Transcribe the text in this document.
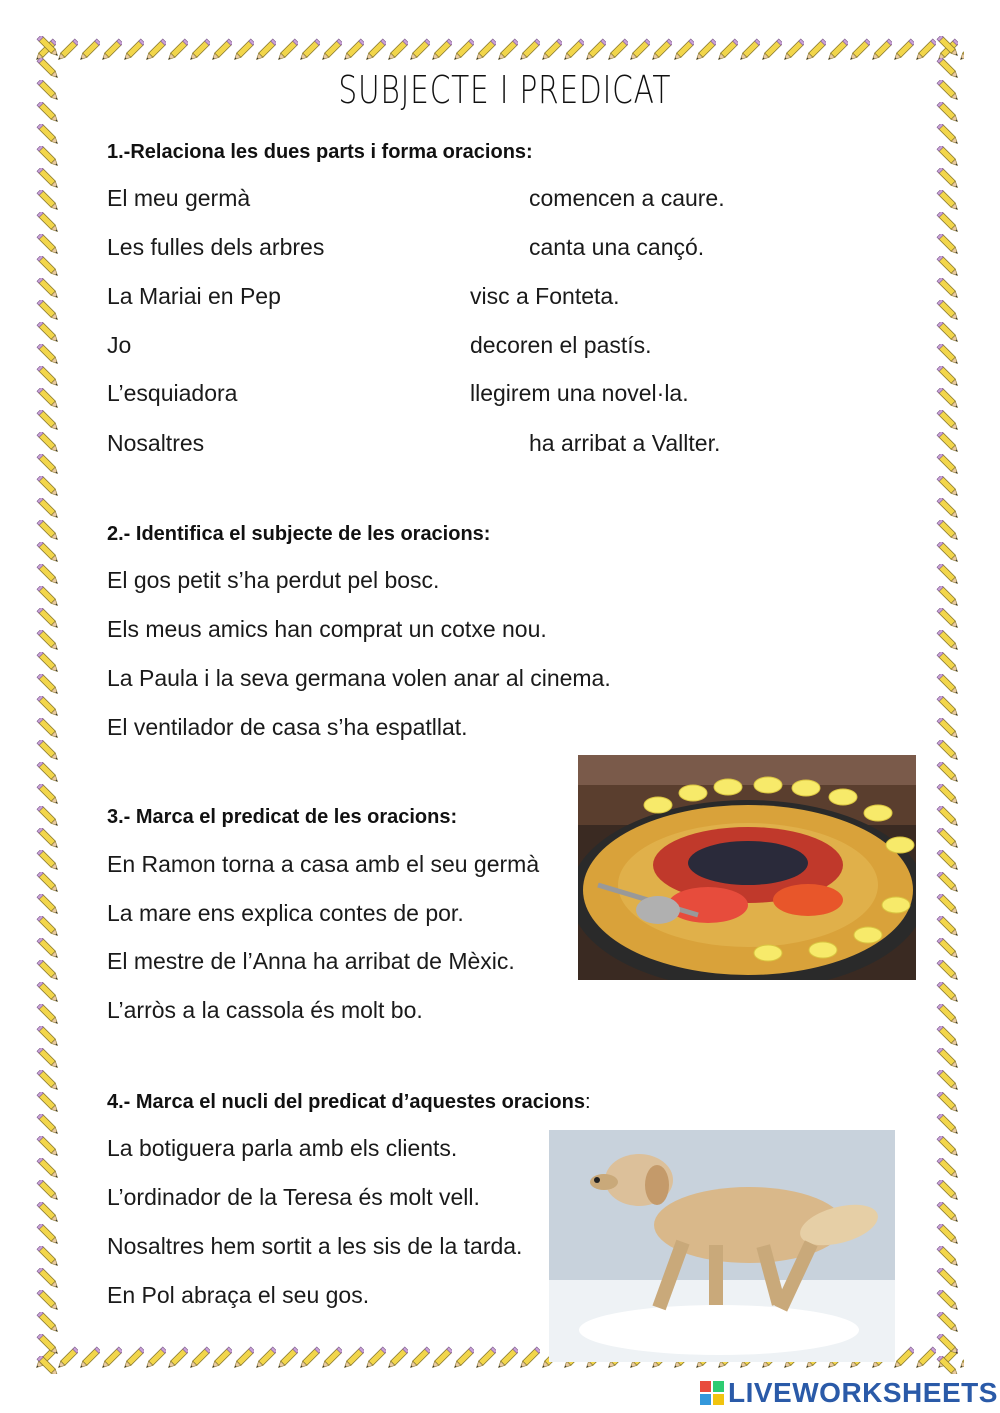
SUBJECTE I PREDICAT
1.-Relaciona les dues parts i forma oracions:
El meu germà
Les fulles dels arbres
La Mariai en Pep
Jo
L’esquiadora
Nosaltres
comencen a caure.
canta una cançó.
visc a Fonteta.
decoren el pastís.
llegirem una novel·la.
ha arribat a Vallter.
2.- Identifica el subjecte de les oracions:
El gos petit s’ha perdut pel bosc.
Els meus amics han comprat un cotxe nou.
La Paula i la seva germana volen anar al cinema.
El ventilador de casa s’ha espatllat.
3.- Marca el predicat de les oracions:
En Ramon torna a casa amb el seu germà
La mare ens explica contes de por.
El mestre de l’Anna ha arribat de Mèxic.
L’arròs a la cassola és molt bo.
4.- Marca el nucli del predicat d’aquestes oracions:
La botiguera parla amb els clients.
L’ordinador de la Teresa és molt vell.
Nosaltres hem sortit a les sis de la tarda.
En Pol abraça el seu gos.
LIVEWORKSHEETS
